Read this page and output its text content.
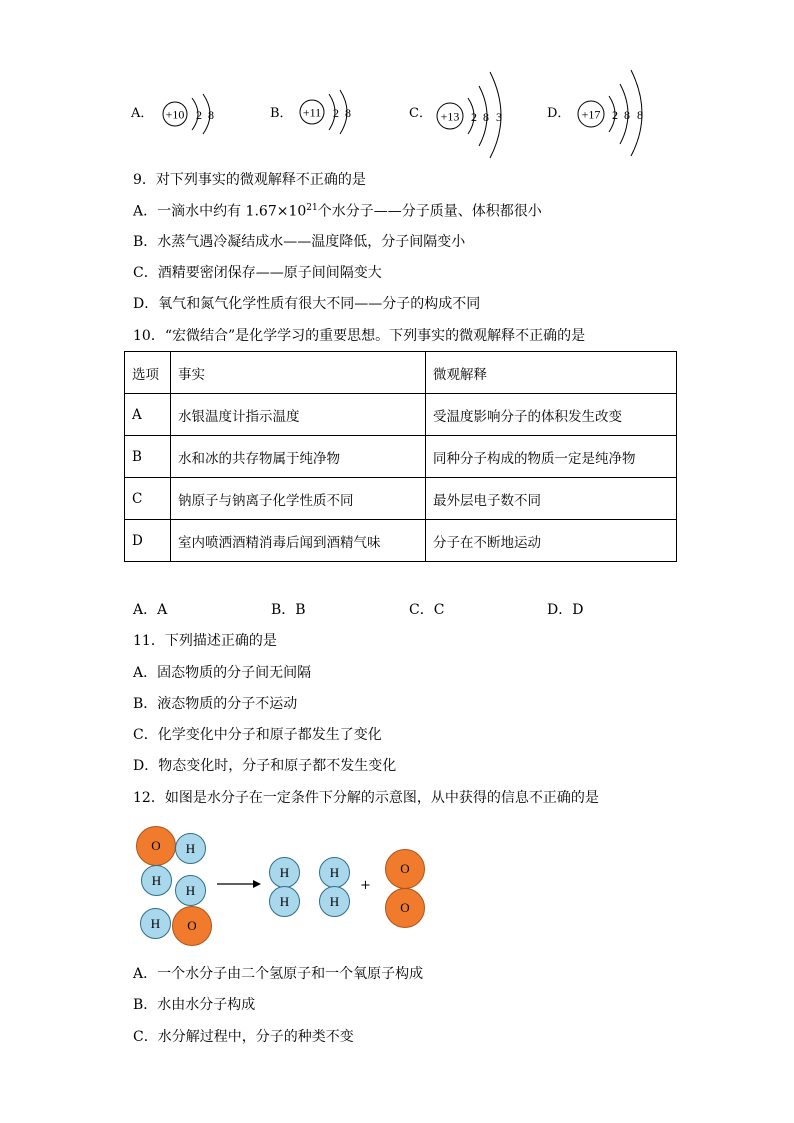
A． +10 2 8	B． +11 2 8	C． +13 2 8 3	D． +17 2 8 8
9．对下列事实的微观解释不正确的是
A．一滴水中约有 $1.67\times 10^{21}$个水分子——分子质量、体积都很小
B．水蒸气遇冷凝结成水——温度降低，分子间隔变小
C．酒精要密闭保存——原子间间隔变大
D．氧气和氮气化学性质有很大不同——分子的构成不同
10．“宏微结合”是化学学习的重要思想。下列事实的微观解释不正确的是
选项	事实	微观解释
A	水银温度计指示温度	受温度影响分子的体积发生改变
B	水和冰的共存物属于纯净物	同种分子构成的物质一定是纯净物
C	钠原子与钠离子化学性质不同	最外层电子数不同
D	室内喷洒酒精消毒后闻到酒精气味	分子在不断地运动
A．A	B．B	C．C	D．D
11．下列描述正确的是
A．固态物质的分子间无间隔
B．液态物质的分子不运动
C．化学变化中分子和原子都发生了变化
D．物态变化时，分子和原子都不发生变化
12．如图是水分子在一定条件下分解的示意图，从中获得的信息不正确的是
O	H
H
H
H	O
H
H
H
H
+
O
O
A．一个水分子由二个氢原子和一个氧原子构成
B．水由水分子构成
C．水分解过程中，分子的种类不变
